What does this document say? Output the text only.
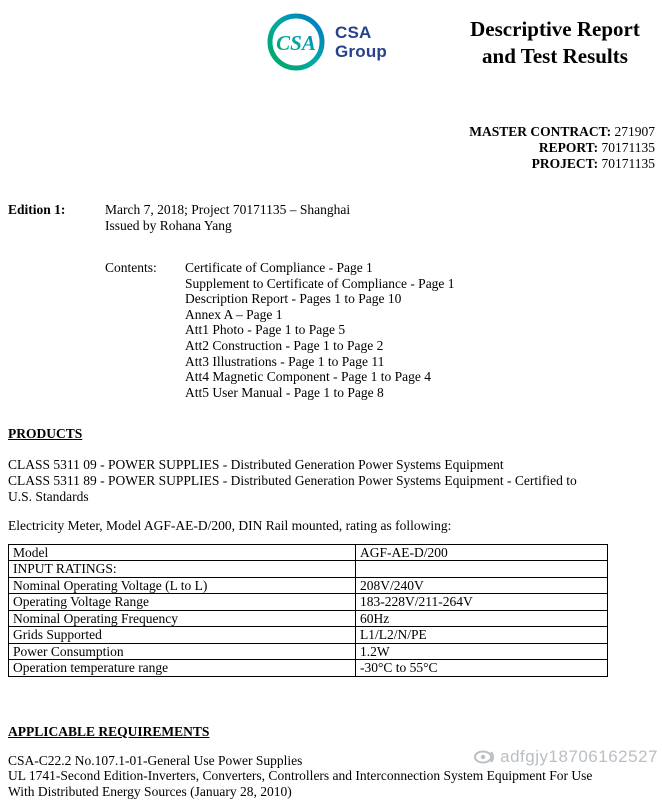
CSA CSA
Group
Descriptive Report
and Test Results
MASTER CONTRACT: 271907
REPORT: 70171135
PROJECT: 70171135
Edition 1:	March 7, 2018; Project 70171135 – Shanghai
Issued by Rohana Yang
Contents:	Certificate of Compliance - Page 1
Supplement to Certificate of Compliance - Page 1
Description Report - Pages 1 to Page 10
Annex A – Page 1
Att1 Photo - Page 1 to Page 5
Att2 Construction - Page 1 to Page 2
Att3 Illustrations - Page 1 to Page 11
Att4 Magnetic Component - Page 1 to Page 4
Att5 User Manual - Page 1 to Page 8
PRODUCTS
CLASS 5311 09 - POWER SUPPLIES - Distributed Generation Power Systems Equipment
CLASS 5311 89 - POWER SUPPLIES - Distributed Generation Power Systems Equipment - Certified to U.S. Standards
Electricity Meter, Model AGF-AE-D/200, DIN Rail mounted, rating as following:
Model	AGF-AE-D/200
INPUT RATINGS:	
Nominal Operating Voltage (L to L)	208V/240V
Operating Voltage Range	183-228V/211-264V
Nominal Operating Frequency	60Hz
Grids Supported	L1/L2/N/PE
Power Consumption	1.2W
Operation temperature range	-30°C to 55°C
APPLICABLE REQUIREMENTS

CSA-C22.2 No.107.1-01-General Use Power Supplies

UL 1741-Second Edition-Inverters, Converters, Controllers and Interconnection System Equipment For Use With Distributed Energy Sources (January 28, 2010)

adfgjy18706162527
